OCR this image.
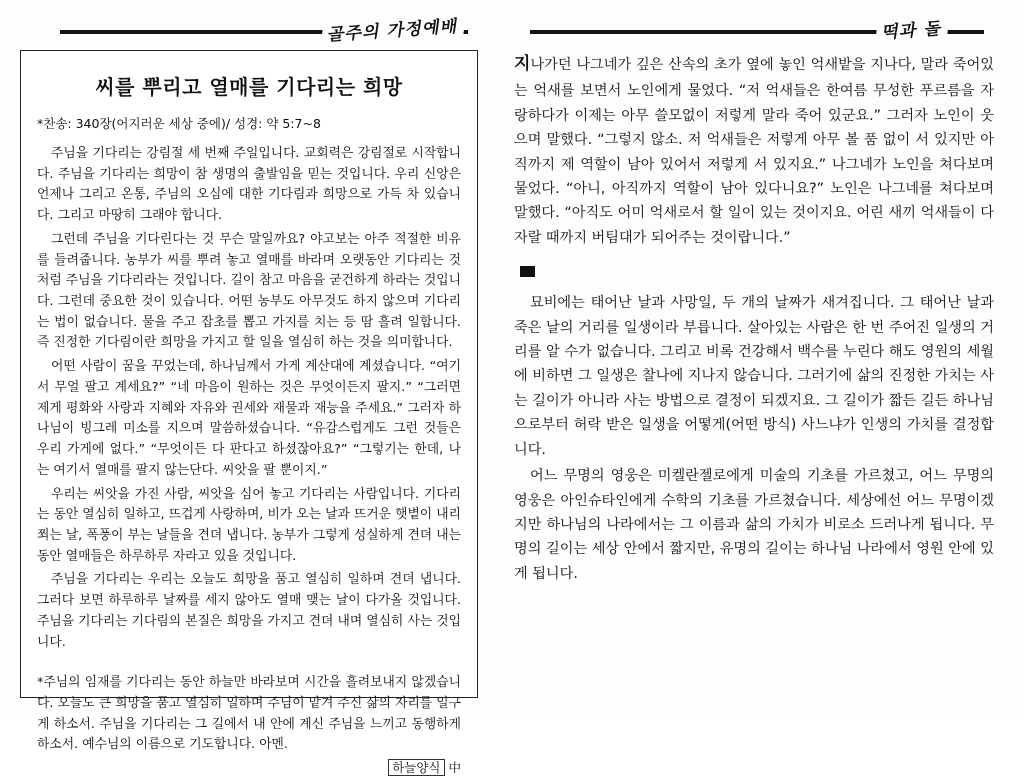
골주의 가정예배
씨를 뿌리고 열매를 기다리는 희망
*찬송: 340장(어지러운 세상 중에)/ 성경: 약 5:7~8

주님을 기다리는 강림절 세 번째 주일입니다. 교회력은 강림절로 시작합니다. 주님을 기다리는 희망이 참 생명의 출발임을 믿는 것입니다. 우리 신앙은 언제나 그리고 온통, 주님의 오심에 대한 기다림과 희망으로 가득 차 있습니다. 그리고 마땅히 그래야 합니다.

그런데 주님을 기다린다는 것 무슨 말일까요? 야고보는 아주 적절한 비유를 들려줍니다. 농부가 씨를 뿌려 놓고 열매를 바라며 오랫동안 기다리는 것처럼 주님을 기다리라는 것입니다. 길이 참고 마음을 굳건하게 하라는 것입니다. 그런데 중요한 것이 있습니다. 어떤 농부도 아무것도 하지 않으며 기다리는 법이 없습니다. 물을 주고 잡초를 뽑고 가지를 치는 등 땀 흘려 일합니다. 즉 진정한 기다림이란 희망을 가지고 할 일을 열심히 하는 것을 의미합니다.

어떤 사람이 꿈을 꾸었는데, 하나님께서 가게 계산대에 계셨습니다. “여기서 무얼 팔고 계세요?” “네 마음이 원하는 것은 무엇이든지 팔지.” “그러면 제게 평화와 사랑과 지혜와 자유와 권세와 재물과 재능을 주세요.” 그러자 하나님이 빙그레 미소를 지으며 말씀하셨습니다. “유감스럽게도 그런 것들은 우리 가게에 없다.” “무엇이든 다 판다고 하셨잖아요?” “그렇기는 한데, 나는 여기서 열매를 팔지 않는단다. 씨앗을 팔 뿐이지.”

우리는 씨앗을 가진 사람, 씨앗을 심어 놓고 기다리는 사람입니다. 기다리는 동안 열심히 일하고, 뜨겁게 사랑하며, 비가 오는 날과 뜨거운 햇볕이 내리쬐는 날, 폭풍이 부는 날들을 견뎌 냅니다. 농부가 그렇게 성실하게 견뎌 내는 동안 열매들은 하루하루 자라고 있을 것입니다.

주님을 기다리는 우리는 오늘도 희망을 품고 열심히 일하며 견뎌 냅니다. 그러다 보면 하루하루 날짜를 세지 않아도 열매 맺는 날이 다가올 것입니다. 주님을 기다리는 기다림의 본질은 희망을 가지고 견뎌 내며 열심히 사는 것입니다.

*주님의 임재를 기다리는 동안 하늘만 바라보며 시간을 흘려보내지 않겠습니다. 오늘도 큰 희망을 품고 열심히 일하며 주님이 맡겨 주신 삶의 자리를 일구게 하소서. 주님을 기다리는 그 길에서 내 안에 계신 주님을 느끼고 동행하게 하소서. 예수님의 이름으로 기도합니다. 아멘.
하늘양식 中
떡과 돌

지나가던 나그네가 깊은 산속의 초가 옆에 놓인 억새밭을 지나다, 말라 죽어있는 억새를 보면서 노인에게 물었다. “저 억새들은 한여름 무성한 푸르름을 자랑하다가 이제는 아무 쓸모없이 저렇게 말라 죽어 있군요.” 그러자 노인이 웃으며 말했다. “그렇지 않소. 저 억새들은 저렇게 아무 볼 품 없이 서 있지만 아직까지 제 역할이 남아 있어서 저렇게 서 있지요.” 나그네가 노인을 쳐다보며 물었다. “아니, 아직까지 역할이 남아 있다니요?” 노인은 나그네를 쳐다보며 말했다. “아직도 어미 억새로서 할 일이 있는 것이지요. 어린 새끼 억새들이 다 자랄 때까지 버팀대가 되어주는 것이랍니다.”

묘비에는 태어난 날과 사망일, 두 개의 날짜가 새겨집니다. 그 태어난 날과 죽은 날의 거리를 일생이라 부릅니다. 살아있는 사람은 한 번 주어진 일생의 거리를 알 수가 없습니다. 그리고 비록 건강해서 백수를 누린다 해도 영원의 세월에 비하면 그 일생은 찰나에 지나지 않습니다. 그러기에 삶의 진정한 가치는 사는 길이가 아니라 사는 방법으로 결정이 되겠지요. 그 길이가 짧든 길든 하나님으로부터 허락 받은 일생을 어떻게(어떤 방식) 사느냐가 인생의 가치를 결정합니다.

어느 무명의 영웅은 미켈란젤로에게 미술의 기초를 가르쳤고, 어느 무명의 영웅은 아인슈타인에게 수학의 기초를 가르쳤습니다. 세상에선 어느 무명이겠지만 하나님의 나라에서는 그 이름과 삶의 가치가 비로소 드러나게 됩니다. 무명의 길이는 세상 안에서 짧지만, 유명의 길이는 하나님 나라에서 영원 안에 있게 됩니다.
